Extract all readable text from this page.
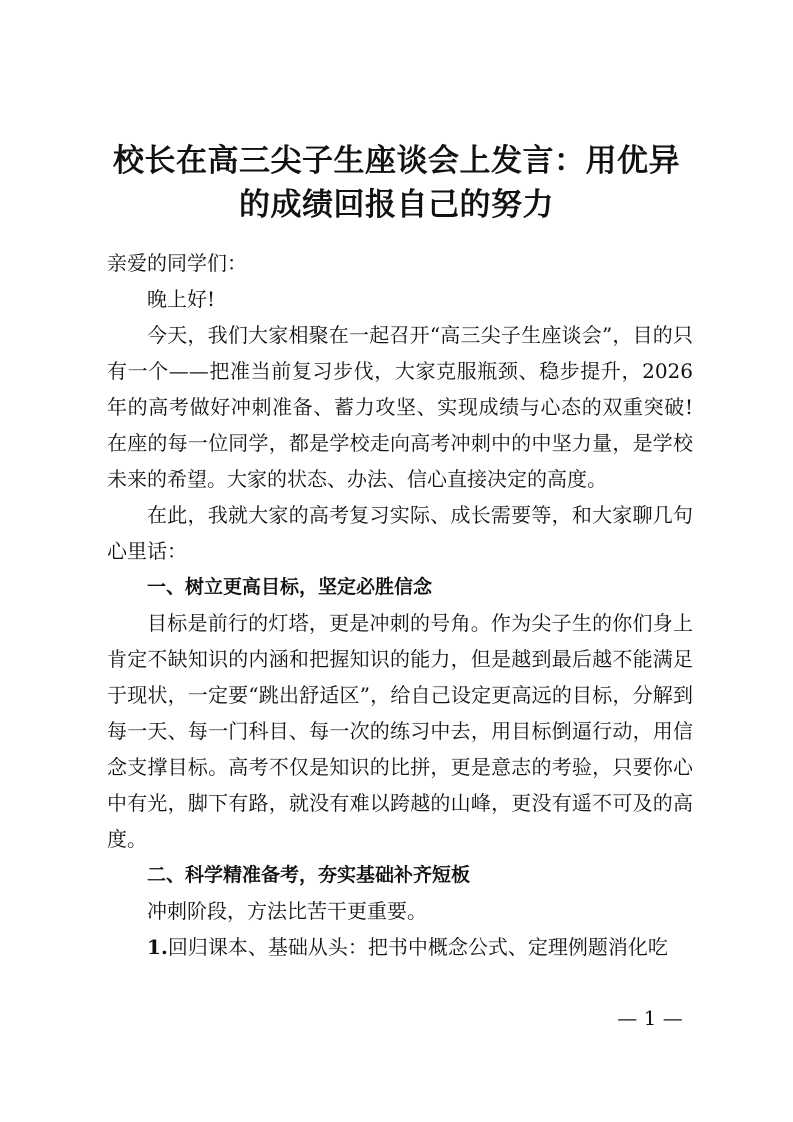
校长在高三尖子生座谈会上发言：用优异
的成绩回报自己的努力

亲爱的同学们：

晚上好!

今天，我们大家相聚在一起召开“高三尖子生座谈会”，目的只有一个——把准当前复习步伐，大家克服瓶颈、稳步提升，2026年的高考做好冲刺准备、蓄力攻坚、实现成绩与心态的双重突破!在座的每一位同学，都是学校走向高考冲刺中的中坚力量，是学校未来的希望。大家的状态、办法、信心直接决定的高度。

在此，我就大家的高考复习实际、成长需要等，和大家聊几句心里话：

一、树立更高目标，坚定必胜信念

目标是前行的灯塔，更是冲刺的号角。作为尖子生的你们身上肯定不缺知识的内涵和把握知识的能力，但是越到最后越不能满足于现状，一定要“跳出舒适区”，给自己设定更高远的目标，分解到每一天、每一门科目、每一次的练习中去，用目标倒逼行动，用信念支撑目标。高考不仅是知识的比拼，更是意志的考验，只要你心中有光，脚下有路，就没有难以跨越的山峰，更没有遥不可及的高度。

二、科学精准备考，夯实基础补齐短板

冲刺阶段，方法比苦干更重要。

1.回归课本、基础从头：把书中概念公式、定理例题消化吃

— 1 —
